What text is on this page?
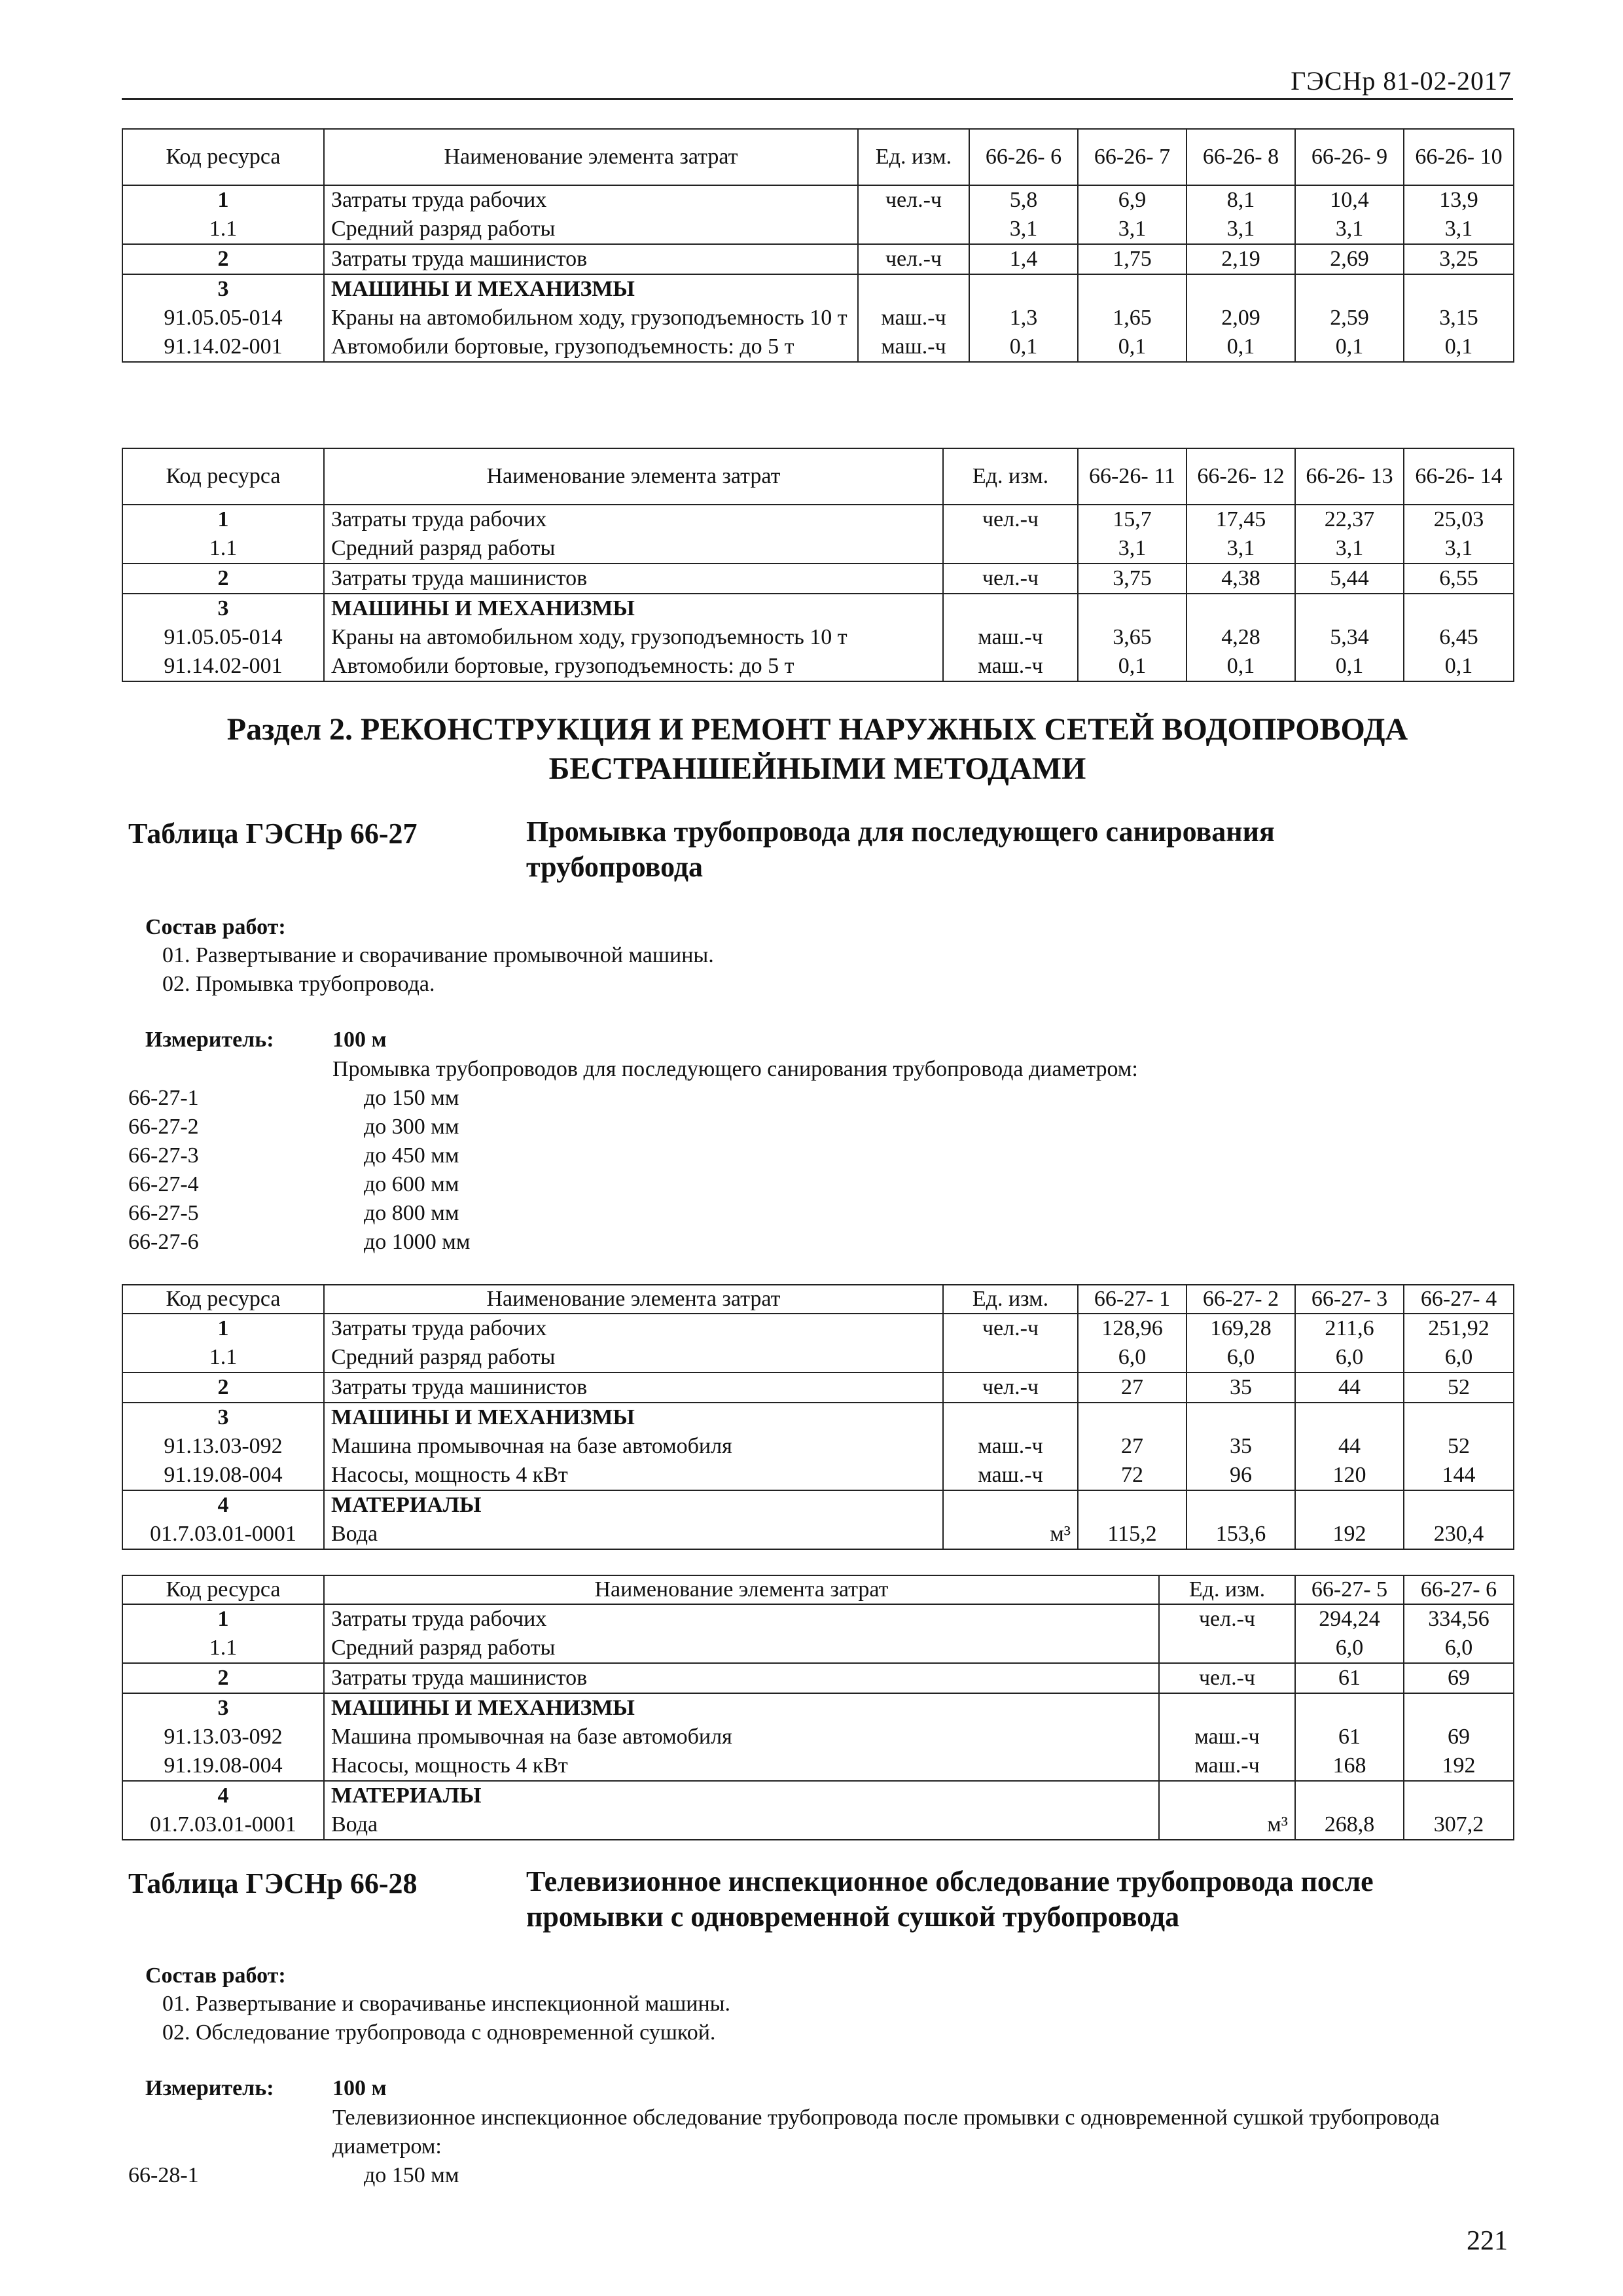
ГЭСНр 81-02-2017
Код ресурса	Наименование элемента затрат	Ед. изм.	66-26- 6	66-26- 7	66-26- 8	66-26- 9	66-26- 10
1	Затраты труда рабочих	чел.-ч	5,8	6,9	8,1	10,4	13,9
1.1	Средний разряд работы		3,1	3,1	3,1	3,1	3,1
2	Затраты труда машинистов	чел.-ч	1,4	1,75	2,19	2,69	3,25
3	МАШИНЫ И МЕХАНИЗМЫ						
91.05.05-014	Краны на автомобильном ходу, грузоподъемность 10 т	маш.-ч	1,3	1,65	2,09	2,59	3,15
91.14.02-001	Автомобили бортовые, грузоподъемность: до 5 т	маш.-ч	0,1	0,1	0,1	0,1	0,1
Код ресурса	Наименование элемента затрат	Ед. изм.	66-26- 11	66-26- 12	66-26- 13	66-26- 14
1	Затраты труда рабочих	чел.-ч	15,7	17,45	22,37	25,03
1.1	Средний разряд работы		3,1	3,1	3,1	3,1
2	Затраты труда машинистов	чел.-ч	3,75	4,38	5,44	6,55
3	МАШИНЫ И МЕХАНИЗМЫ					
91.05.05-014	Краны на автомобильном ходу, грузоподъемность 10 т	маш.-ч	3,65	4,28	5,34	6,45
91.14.02-001	Автомобили бортовые, грузоподъемность: до 5 т	маш.-ч	0,1	0,1	0,1	0,1
Раздел 2. РЕКОНСТРУКЦИЯ И РЕМОНТ НАРУЖНЫХ СЕТЕЙ ВОДОПРОВОДА
БЕСТРАНШЕЙНЫМИ МЕТОДАМИ
Таблица ГЭСНр 66-27	Промывка трубопровода для последующего санирования трубопровода
Состав работ:
01. Развертывание и сворачивание промывочной машины.
02. Промывка трубопровода.
Измеритель:	100 м
Промывка трубопроводов для последующего санирования трубопровода диаметром:
66-27-1	до 150 мм
66-27-2	до 300 мм
66-27-3	до 450 мм
66-27-4	до 600 мм
66-27-5	до 800 мм
66-27-6	до 1000 мм
Код ресурса	Наименование элемента затрат	Ед. изм.	66-27- 1	66-27- 2	66-27- 3	66-27- 4
1	Затраты труда рабочих	чел.-ч	128,96	169,28	211,6	251,92
1.1	Средний разряд работы		6,0	6,0	6,0	6,0
2	Затраты труда машинистов	чел.-ч	27	35	44	52
3	МАШИНЫ И МЕХАНИЗМЫ					
91.13.03-092	Машина промывочная на базе автомобиля	маш.-ч	27	35	44	52
91.19.08-004	Насосы, мощность 4 кВт	маш.-ч	72	96	120	144
4	МАТЕРИАЛЫ					
01.7.03.01-0001	Вода	м³	115,2	153,6	192	230,4
Код ресурса	Наименование элемента затрат	Ед. изм.	66-27- 5	66-27- 6
1	Затраты труда рабочих	чел.-ч	294,24	334,56
1.1	Средний разряд работы		6,0	6,0
2	Затраты труда машинистов	чел.-ч	61	69
3	МАШИНЫ И МЕХАНИЗМЫ			
91.13.03-092	Машина промывочная на базе автомобиля	маш.-ч	61	69
91.19.08-004	Насосы, мощность 4 кВт	маш.-ч	168	192
4	МАТЕРИАЛЫ			
01.7.03.01-0001	Вода	м³	268,8	307,2
Таблица ГЭСНр 66-28	Телевизионное инспекционное обследование трубопровода после промывки с одновременной сушкой трубопровода
Состав работ:
01. Развертывание и сворачиванье инспекционной машины.
02. Обследование трубопровода с одновременной сушкой.
Измеритель:	100 м
Телевизионное инспекционное обследование трубопровода после промывки с одновременной сушкой трубопровода диаметром:
66-28-1	до 150 мм
221
